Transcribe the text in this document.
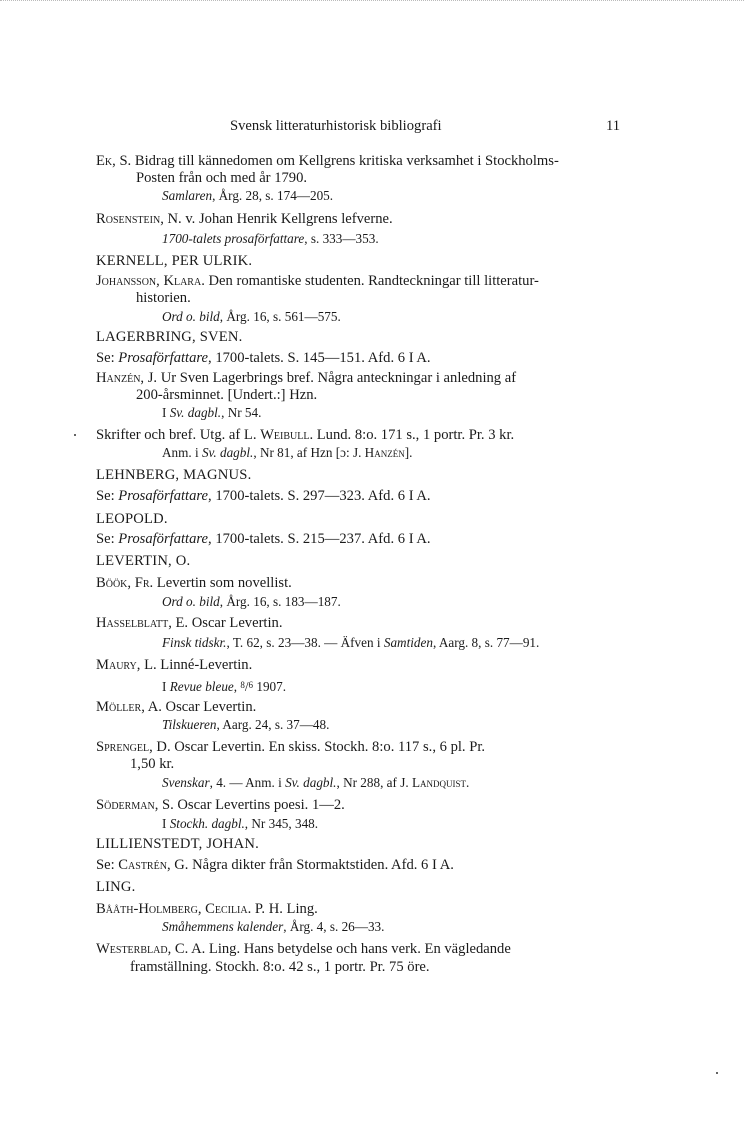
Svensk litteraturhistorisk bibliografi	11
Ek, S. Bidrag till kännedomen om Kellgrens kritiska verksamhet i Stockholms-
Posten från och med år 1790.
Samlaren, Årg. 28, s. 174—205.
Rosenstein, N. v. Johan Henrik Kellgrens lefverne.
1700-talets prosaförfattare, s. 333—353.
KERNELL, PER ULRIK.
Johansson, Klara. Den romantiske studenten. Randteckningar till litteratur-
historien.
Ord o. bild, Årg. 16, s. 561—575.
LAGERBRING, SVEN.
Se: Prosaförfattare, 1700-talets. S. 145—151. Afd. 6 I A.
Hanzén, J. Ur Sven Lagerbrings bref. Några anteckningar i anledning af
200-årsminnet. [Undert.:] Hzn.
I Sv. dagbl., Nr 54.
Skrifter och bref. Utg. af L. Weibull. Lund. 8:o. 171 s., 1 portr. Pr. 3 kr.
Anm. i Sv. dagbl., Nr 81, af Hzn [ɔ: J. Hanzén].
LEHNBERG, MAGNUS.
Se: Prosaförfattare, 1700-talets. S. 297—323. Afd. 6 I A.
LEOPOLD.
Se: Prosaförfattare, 1700-talets. S. 215—237. Afd. 6 I A.
LEVERTIN, O.
Böök, Fr. Levertin som novellist.
Ord o. bild, Årg. 16, s. 183—187.
Hasselblatt, E. Oscar Levertin.
Finsk tidskr., T. 62, s. 23—38. — Äfven i Samtiden, Aarg. 8, s. 77—91.
Maury, L. Linné-Levertin.
I Revue bleue, $^8$/$^6$ 1907.
Möller, A. Oscar Levertin.
Tilskueren, Aarg. 24, s. 37—48.
Sprengel, D. Oscar Levertin. En skiss. Stockh. 8:o. 117 s., 6 pl. Pr.
1,50 kr.
Svenskar, 4. — Anm. i Sv. dagbl., Nr 288, af J. Landquist.
Söderman, S. Oscar Levertins poesi. 1—2.
I Stockh. dagbl., Nr 345, 348.
LILLIENSTEDT, JOHAN.
Se: Castrén, G. Några dikter från Stormaktstiden. Afd. 6 I A.
LING.
Bååth-Holmberg, Cecilia. P. H. Ling.
Småhemmens kalender, Årg. 4, s. 26—33.
Westerblad, C. A. Ling. Hans betydelse och hans verk. En vägledande
framställning. Stockh. 8:o. 42 s., 1 portr. Pr. 75 öre.
